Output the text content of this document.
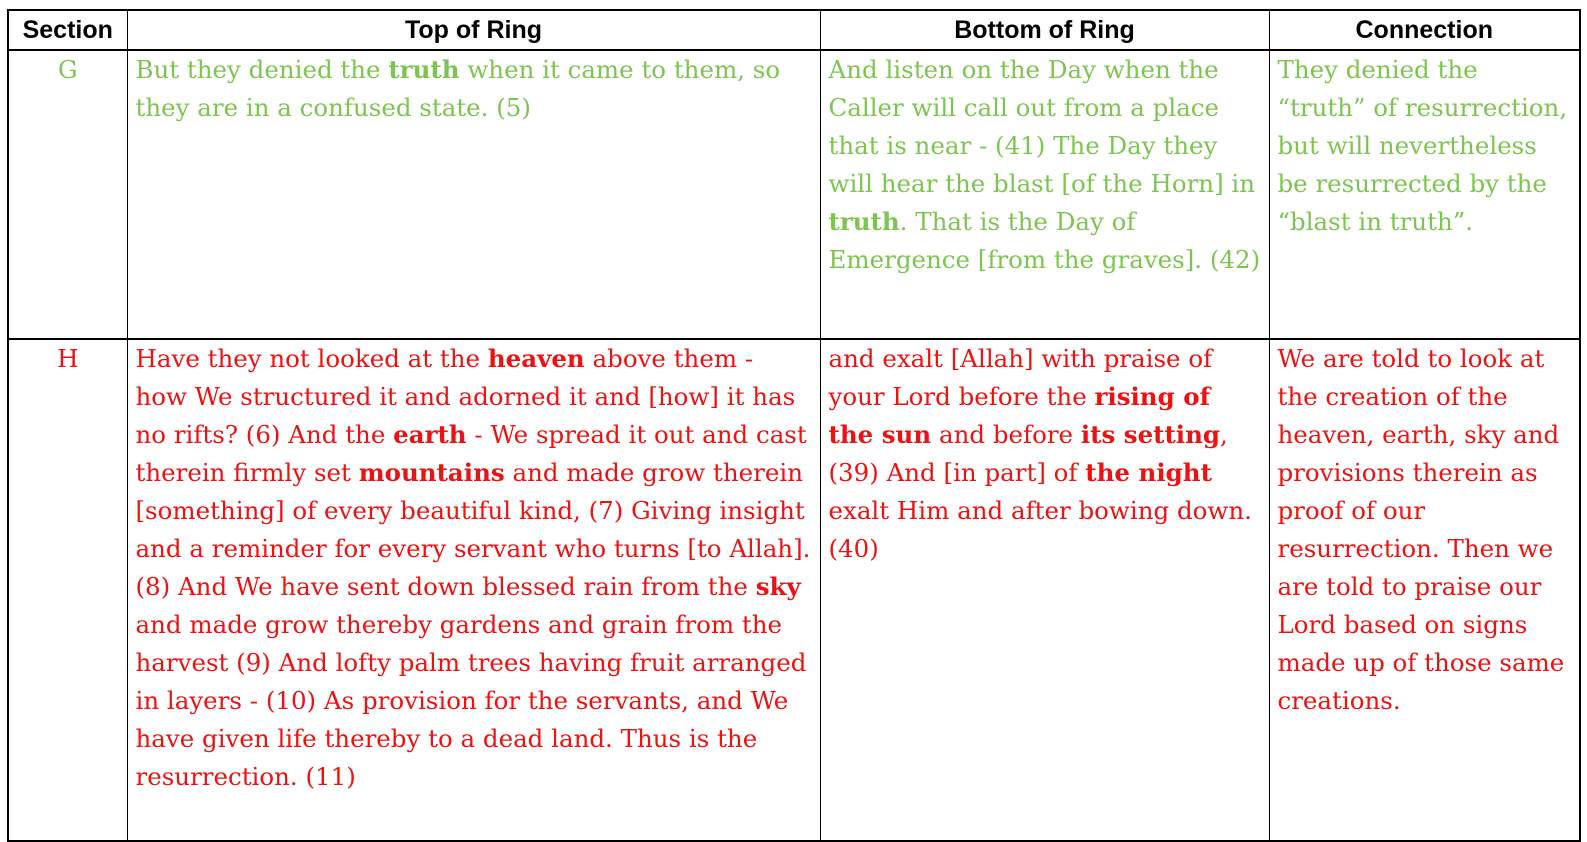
Section	Top of Ring	Bottom of Ring	Connection
G	But they denied the truth when it came to them, so they are in a confused state. (5)	And listen on the Day when the Caller will call out from a place that is near - (41) The Day they will hear the blast [of the Horn] in truth. That is the Day of Emergence [from the graves]. (42)	They denied the “truth” of resurrection, but will nevertheless be resurrected by the “blast in truth”.
H	Have they not looked at the heaven above them - how We structured it and adorned it and [how] it has no rifts? (6) And the earth - We spread it out and cast therein firmly set mountains and made grow therein [something] of every beautiful kind, (7) Giving insight and a reminder for every servant who turns [to Allah]. (8) And We have sent down blessed rain from the sky and made grow thereby gardens and grain from the harvest (9) And lofty palm trees having fruit arranged in layers - (10) As provision for the servants, and We have given life thereby to a dead land. Thus is the resurrection. (11)	and exalt [Allah] with praise of your Lord before the rising of the sun and before its setting, (39) And [in part] of the night exalt Him and after bowing down. (40)	We are told to look at the creation of the heaven, earth, sky and provisions therein as proof of our resurrection. Then we are told to praise our Lord based on signs made up of those same creations.
